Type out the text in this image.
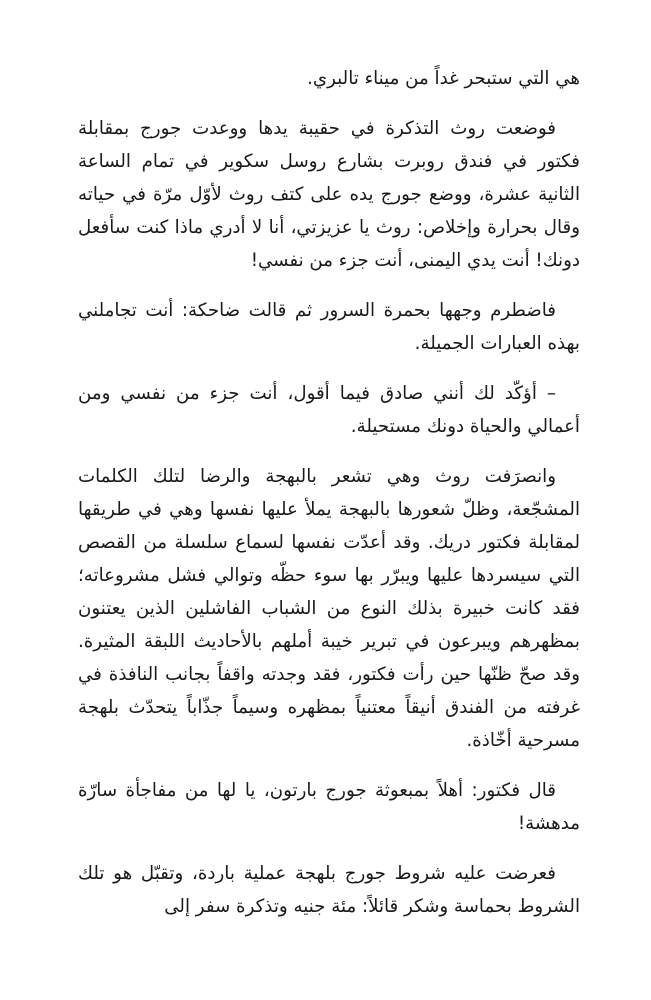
هي التي ستبحر غداً من ميناء تالبري.

فوضعت روث التذكرة في حقيبة يدها ووعدت جورج بمقابلة فكتور في فندق روبرت بشارع روسل سكوير في تمام الساعة الثانية عشرة، ووضع جورج يده على كتف روث لأوّل مرّة في حياته وقال بحرارة وإخلاص: روث يا عزيزتي، أنا لا أدري ماذا كنت سأفعل دونك! أنت يدي اليمنى، أنت جزء من نفسي!

فاضطرم وجهها بحمرة السرور ثم قالت ضاحكة: أنت تجاملني بهذه العبارات الجميلة.

– أؤكّد لك أنني صادق فيما أقول، أنت جزء من نفسي ومن أعمالي والحياة دونك مستحيلة.

وانصرَفت روث وهي تشعر بالبهجة والرضا لتلك الكلمات المشجّعة، وظلّ شعورها بالبهجة يملأ عليها نفسها وهي في طريقها لمقابلة فكتور دريك. وقد أعدّت نفسها لسماع سلسلة من القصص التي سيسردها عليها ويبرّر بها سوء حظّه وتوالي فشل مشروعاته؛ فقد كانت خبيرة بذلك النوع من الشباب الفاشلين الذين يعتنون بمظهرهم ويبرعون في تبرير خيبة أملهم بالأحاديث اللبقة المثيرة. وقد صحّ ظنّها حين رأت فكتور، فقد وجدته واقفاً بجانب النافذة في غرفته من الفندق أنيقاً معتنياً بمظهره وسيماً جذّاباً يتحدّث بلهجة مسرحية أخّاذة.

قال فكتور: أهلاً بمبعوثة جورج بارتون، يا لها من مفاجأة سارّة مدهشة!

فعرضت عليه شروط جورج بلهجة عملية باردة، وتقبّل هو تلك الشروط بحماسة وشكر قائلاً: مئة جنيه وتذكرة سفر إلى
